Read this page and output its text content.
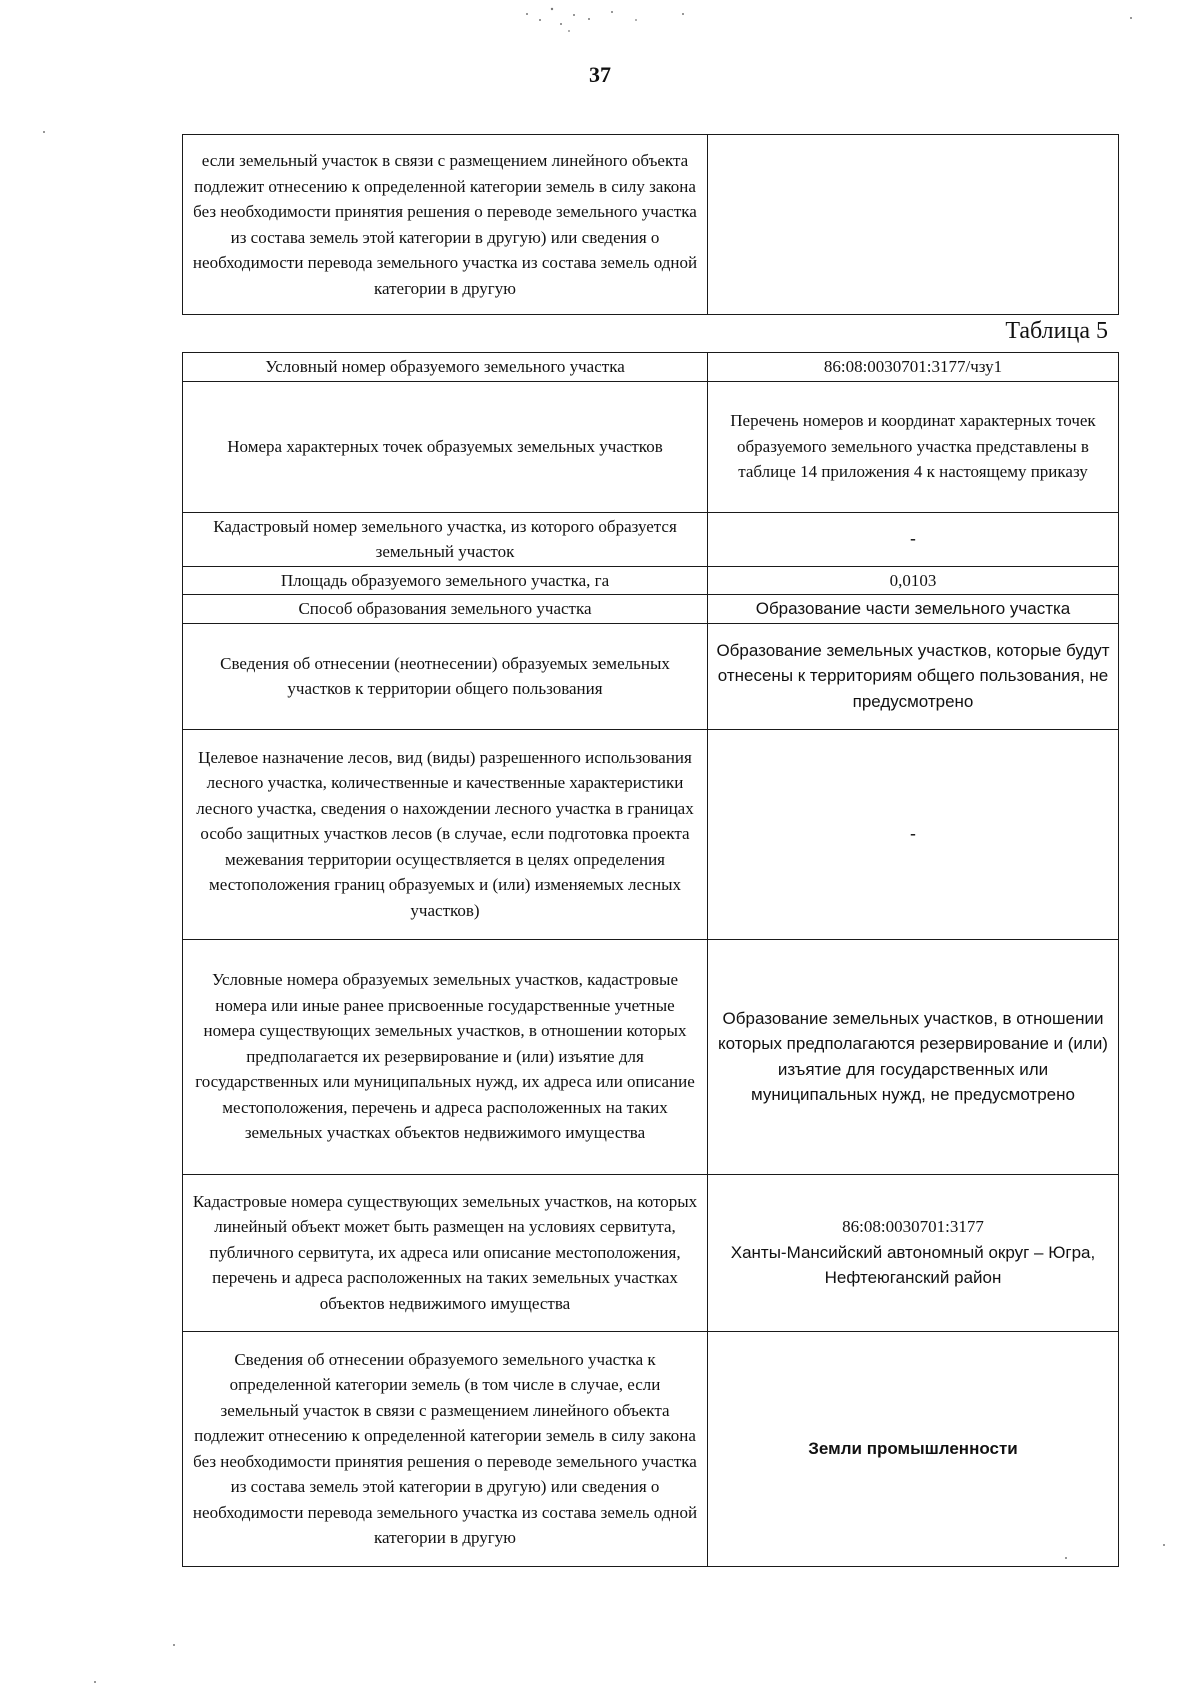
37
если земельный участок в связи с размещением линейного объекта подлежит отнесению к определенной категории земель в силу закона без необходимости принятия решения о переводе земельного участка из состава земель этой категории в другую) или сведения о необходимости перевода земельного участка из состава земель одной категории в другую	
Таблица 5
Условный номер образуемого земельного участка	86:08:0030701:3177/чзу1
Номера характерных точек образуемых земельных участков	Перечень номеров и координат характерных точек образуемого земельного участка представлены в таблице 14 приложения 4 к настоящему приказу
Кадастровый номер земельного участка, из которого образуется земельный участок	-
Площадь образуемого земельного участка, га	0,0103
Способ образования земельного участка	Образование части земельного участка
Сведения об отнесении (неотнесении) образуемых земельных участков к территории общего пользования	Образование земельных участков, которые будут отнесены к территориям общего пользования, не предусмотрено
Целевое назначение лесов, вид (виды) разрешенного использования лесного участка, количественные и качественные характеристики лесного участка, сведения о нахождении лесного участка в границах особо защитных участков лесов (в случае, если подготовка проекта межевания территории осуществляется в целях определения местоположения границ образуемых и (или) изменяемых лесных участков)	-
Условные номера образуемых земельных участков, кадастровые номера или иные ранее присвоенные государственные учетные номера существующих земельных участков, в отношении которых предполагается их резервирование и (или) изъятие для государственных или муниципальных нужд, их адреса или описание местоположения, перечень и адреса расположенных на таких земельных участках объектов недвижимого имущества	Образование земельных участков, в отношении которых предполагаются резервирование и (или) изъятие для государственных или муниципальных нужд, не предусмотрено
Кадастровые номера существующих земельных участков, на которых линейный объект может быть размещен на условиях сервитута, публичного сервитута, их адреса или описание местоположения, перечень и адреса расположенных на таких земельных участках объектов недвижимого имущества	86:08:0030701:3177
Ханты-Мансийский автономный округ – Югра, Нефтеюганский район

Сведения об отнесении образуемого земельного участка к определенной категории земель (в том числе в случае, если земельный участок в связи с размещением линейного объекта подлежит отнесению к определенной категории земель в силу закона без необходимости принятия решения о переводе земельного участка из состава земель этой категории в другую) или сведения о необходимости перевода земельного участка из состава земель одной категории в другую	Земли промышленности
